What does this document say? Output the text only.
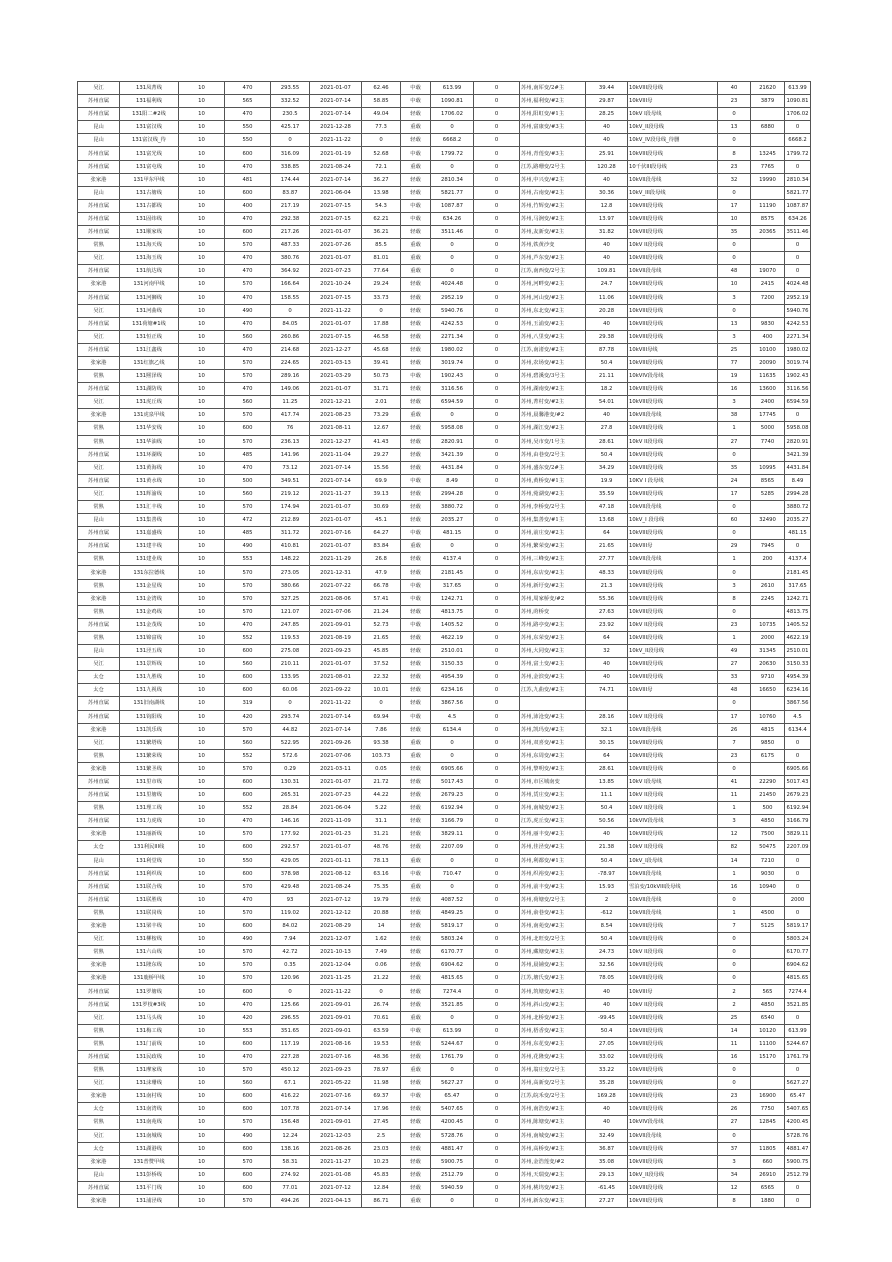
吴江	131凤菁线	10	470	293.55	2021-01-07	62.46	中载	613.99	0	苏州,南厍变/2#主	39.44	10kVIII段母线	40	21620	613.99
苏州直属	131福利线	10	565	332.52	2021-07-14	58.85	中载	1090.81	0	苏州,福利变/#2主	29.87	10kVIII母	23	3879	1090.81
苏州直属	131阳二#2线	10	470	230.5	2021-07-14	49.04	轻载	1706.02	0	苏州,阳虹变/#1主	28.25	10kV I段母线	0		1706.02
昆山	131富汉线	10	550	425.17	2021-12-28	77.3	重载	0	0	苏州,富康变/#3主	40	10kV_II段母线	13	6880	0
昆山	131富汉线_待	10	550	0	2021-11-22	0	轻载	6668.2	0		40	10kV_IV段母线_待删	0		6668.2
苏州直属	131富光线	10	600	316.09	2021-01-19	52.68	中载	1799.72	0	苏州,青莲变/#3主	25.91	10kVIII段母线	8	13245	1799.72
苏州直属	131富屯线	10	470	338.85	2021-08-24	72.1	重载	0	0	江苏,路珊变/2号主	120.28	10千伏III段母线	23	7765	0
张家港	131甲东甲线	10	481	174.44	2021-07-14	36.27	轻载	2810.34	0	苏州,中兴变/#2主	40	10kVII段母线	32	19990	2810.34
昆山	131古塘线	10	600	83.87	2021-06-04	13.98	轻载	5821.77	0	苏州,古南变/#2主	30.36	10kV_III段母线	0		5821.77
苏州直属	131古都线	10	400	217.19	2021-07-15	54.3	中载	1087.87	0	苏州,竹辉变/#2主	12.8	10kVIII段母线	17	11190	1087.87
苏州直属	131固纬线	10	470	292.38	2021-07-15	62.21	中载	634.26	0	苏州,马涧变/#2主	13.97	10kVIII段母线	10	8575	634.26
苏州直属	131顺家线	10	600	217.26	2021-01-07	36.21	轻载	3511.46	0	苏州,友新变/#2主	31.82	10kVIII段母线	35	20365	3511.46
常熟	131海天线	10	570	487.33	2021-07-26	85.5	重载	0	0	苏州,铁黄沙变	40	10kV II段母线	0		0
吴江	131海玉线	10	470	380.76	2021-01-07	81.01	重载	0	0	苏州,芦东变/#2主	40	10kVIII段母线	0		0
苏州直属	131航达线	10	470	364.92	2021-07-23	77.64	重载	0	0	江苏,南西变/2号主	109.81	10kVII段母线	48	19070	0
张家港	131河南甲线	10	570	166.64	2021-10-24	29.24	轻载	4024.48	0	苏州,河畔变/#2主	24.7	10kVIII段母线	10	2415	4024.48
苏州直属	131河狮线	10	470	158.55	2021-07-15	33.73	轻载	2952.19	0	苏州,河山变/#2主	11.06	10kVIII段母线	3	7200	2952.19
吴江	131河曲线	10	490	0	2021-11-22	0	轻载	5940.76	0	苏州,东北变/#2主	20.28	10kVIII段母线	0		5940.76
苏州直属	131荷塘#1线	10	470	84.05	2021-01-07	17.88	轻载	4242.53	0	苏州,玉浦变/#2主	40	10kVIII段母线	13	9830	4242.53
吴江	131恒正线	10	560	260.86	2021-07-15	46.58	轻载	2271.34	0	苏州,八里变/#2主	29.38	10kVIII段母线	3	400	2271.34
苏州直属	131江鑫线	10	470	214.68	2021-12-27	45.68	轻载	1980.02	0	江苏,南渚变/#2主	87.78	10kVIII母线	25	10100	1980.02
张家港	131红旗乙线	10	570	224.65	2021-03-13	39.41	轻载	3019.74	0	苏州,农场变/#2主	50.4	10kVIII段母线	77	20090	3019.74
常熟	131熙泽线	10	570	289.16	2021-03-29	50.73	中载	1902.43	0	苏州,碧溪变/3号主	21.11	10kVIV段母线	19	11635	1902.43
苏州直属	131湖防线	10	470	149.06	2021-01-07	31.71	轻载	3116.56	0	苏州,湖南变/#2主	18.2	10kVIII段母线	16	13600	3116.56
吴江	131虎丘线	10	560	11.25	2021-12-21	2.01	轻载	6594.59	0	苏州,菁村变/#2主	54.01	10kVIII段母线	3	2400	6594.59
张家港	131虎泉甲线	10	570	417.74	2021-08-23	73.29	重载	0	0	苏州,晨馨港变/#2	40	10kVII段母线	38	17745	0
常熟	131华安线	10	600	76	2021-08-11	12.67	轻载	5958.08	0	苏州,湖江变/#2主	27.8	10kVIII段母线	1	5000	5958.08
常熟	131华油线	10	570	236.13	2021-12-27	41.43	轻载	2820.91	0	苏州,吴市变/1号主	28.61	10kV II段母线	27	7740	2820.91
苏州直属	131环湖线	10	485	141.96	2021-11-04	29.27	轻载	3421.39	0	苏州,由巷变/2号主	50.4	10kVIII段母线	0		3421.39
吴江	131黄海线	10	470	73.12	2021-07-14	15.56	轻载	4431.84	0	苏州,盛东变/2#主	34.29	10kVIII段母线	35	10995	4431.84
苏州直属	131黄水线	10	500	349.51	2021-07-14	69.9	中载	8.49	0	苏州,黄桥变/#1主	19.9	10KV I 段母线	24	8565	8.49
吴江	131辉渝线	10	560	219.12	2021-11-27	39.13	轻载	2994.28	0	苏州,菀湖变/#2主	35.59	10kVIII段母线	17	5285	2994.28
常熟	131汇丰线	10	570	174.94	2021-01-07	30.69	轻载	3880.72	0	苏州,李桥变/2号主	47.18	10kVII段母线	0		3880.72
昆山	131集善线	10	472	212.89	2021-01-07	45.1	轻载	2035.27	0	苏州,集善变/#1主	13.68	10kV_I 段母线	60	32490	2035.27
苏州直属	131嘉盛线	10	485	311.72	2021-07-16	64.27	中载	481.15	0	苏州,前庄变/#2主	64	10kVIII段母线	0		481.15
苏州直属	131建丰线	10	490	410.81	2021-01-07	83.84	重载	0	0	苏州,繁荣变/#2主	21.65	10kVIII母	29	7945	0
常熟	131建业线	10	553	148.22	2021-11-29	26.8	轻载	4137.4	0	苏州,三峰变/#2主	27.77	10kVII段母线	1	200	4137.4
张家港	131东拉德线	10	570	273.05	2021-12-31	47.9	轻载	2181.45	0	苏州,东店变/#2主	48.33	10kVIII段母线	0		2181.45
常熟	131金星线	10	570	380.66	2021-07-22	66.78	中载	317.65	0	苏州,新圩变/#2主	21.3	10kVIII段母线	3	2610	317.65
张家港	131金湾线	10	570	327.25	2021-08-06	57.41	中载	1242.71	0	苏州,周家桥变/#2	55.36	10kVIII段母线	8	2245	1242.71
常熟	131金鸡线	10	570	121.07	2021-07-06	21.24	轻载	4813.75	0	苏州,莳桥变	27.63	10kVIII段母线	0		4813.75
苏州直属	131金茂线	10	470	247.85	2021-09-01	52.73	中载	1405.52	0	苏州,路亭变/#2主	23.92	10kV II段母线	23	10735	1405.52
常熟	131锦富线	10	552	119.53	2021-08-19	21.65	轻载	4622.19	0	苏州,东荣变/#2主	64	10kVIII段母线	1	2000	4622.19
昆山	131泾五线	10	600	275.08	2021-09-23	45.85	轻载	2510.01	0	苏州,大同变/#2主	32	10kV_II段母线	49	31345	2510.01
吴江	131景辉线	10	560	210.11	2021-01-07	37.52	轻载	3150.33	0	苏州,富土变/#2主	40	10kVIII段母线	27	20630	3150.33
太仓	131九胜线	10	600	133.95	2021-08-01	22.32	轻载	4954.39	0	苏州,金滨变/#2主	40	10kVIII段母线	33	9710	4954.39
太仓	131九视线	10	600	60.06	2021-09-22	10.01	轻载	6234.16	0	江苏,九曲变/#2主	74.71	10kVIII母	48	16650	6234.16
苏州直属	131旧南湖线	10	319	0	2021-11-22	0	轻载	3867.56	0				0		3867.56
苏州直属	131钩阳线	10	420	293.74	2021-07-14	69.94	中载	4.5	0	苏州,沛沧变/#2主	28.16	10kV II段母线	17	10760	4.5
张家港	131凯乐线	10	570	44.82	2021-07-14	7.86	轻载	6134.4	0	苏州,凯玛变/#2主	32.1	10kVII段母线	26	4815	6134.4
吴江	131繁塔线	10	560	522.95	2021-09-26	93.38	重载	0	0	苏州,双喜变/#2主	30.15	10kVIII段母线	7	9850	0
常熟	131繁荣线	10	552	572.6	2021-07-06	103.73	重载	0	0	苏州,东周变/#2主	64	10kVIII段母线	23	6175	0
张家港	131繁圣线	10	570	0.29	2021-03-11	0.05	轻载	6905.66	0	苏州,黎明变/#2主	28.61	10kVIII段母线	0		6905.66
苏州直属	131里市线	10	600	130.31	2021-01-07	21.72	轻载	5017.43	0	苏州,市区城南变	13.85	10kV I段母线	41	22290	5017.43
苏州直属	131里塘线	10	600	265.31	2021-07-23	44.22	轻载	2679.23	0	苏州,赁庄变/#2主	11.1	10kV II段母线	11	21450	2679.23
常熟	131理工线	10	552	28.84	2021-06-04	5.22	轻载	6192.94	0	苏州,南城变/#2主	50.4	10kV II段母线	1	500	6192.94
苏州直属	131力虎线	10	470	146.16	2021-11-09	31.1	轻载	3166.79	0	江苏,虎丘变/#2主	50.56	10kVIV段母线	3	4850	3166.79
张家港	131丽新线	10	570	177.92	2021-01-23	31.21	轻载	3829.11	0	苏州,丽丰变/#2主	40	10kVIII段母线	12	7500	3829.11
太仓	131利民III线	10	600	292.57	2021-01-07	48.76	轻载	2207.09	0	苏州,佳泾变/#2主	21.38	10kV II段母线	82	50475	2207.09
昆山	131利堂线	10	550	429.05	2021-01-11	78.13	重载	0	0	苏州,利都变/#1主	50.4	10kV_I段母线	14	7210	0
苏州直属	131利织线	10	600	378.98	2021-08-12	63.16	中载	710.47	0	苏州,织裕变/#2主	-78.97	10kVII段母线	1	9030	0
苏州直属	131联合线	10	570	429.48	2021-08-24	75.35	重载	0	0	苏州,前丰变/#2主	15.93	雪泊变/10kVIII段母线	16	10940	0
苏州直属	131联胜线	10	470	93	2021-07-12	19.79	轻载	4087.52	0	苏州,荷塘变/2号主	2	10kVII段母线	0		2000
常熟	131联岗线	10	570	119.02	2021-12-12	20.88	轻载	4849.25	0	苏州,俞巷变/#2主	-612	10kVII段母线	1	4500	0
张家港	131梁丰线	10	600	84.02	2021-08-29	14	轻载	5819.17	0	苏州,南苑变/#2主	8.54	10kVIII段母线	7	5125	5819.17
吴江	131柳桉线	10	490	7.94	2021-12-07	1.62	轻载	5803.24	0	苏州,北旺变/2号主	50.4	10kVIII段母线	0		5803.24
常熟	131六山线	10	570	42.72	2021-10-13	7.49	轻载	6170.77	0	苏州,藏塘变/#2主	24.73	10kV II段母线	0		6170.77
张家港	131隆东线	10	570	0.35	2021-12-04	0.06	轻载	6904.62	0	苏州,晨铺变/#2主	32.56	10kVIII段母线	0		6904.62
张家港	131鹿桥甲线	10	570	120.96	2021-11-25	21.22	轻载	4815.65	0	江苏,塘氏变/#2主	78.05	10kVIII段母线	0		4815.65
苏州直属	131罗塘线	10	600	0	2021-11-22	0	轻载	7274.4	0	苏州,筑塘变/#2主	40	10kVIII母	2	565	7274.4
苏州直属	131罗枝#3线	10	470	125.66	2021-09-01	26.74	轻载	3521.85	0	苏州,斜山变/#2主	40	10kV II段母线	2	4850	3521.85
吴江	131马头线	10	420	296.55	2021-09-01	70.61	重载	0	0	苏州,北桥变/#2主	-99.45	10kVIII段母线	25	6540	0
常熟	131梅工线	10	553	351.65	2021-09-01	63.59	中载	613.99	0	苏州,梧香变/#2主	50.4	10kVIII段母线	14	10120	613.99
常熟	131门前线	10	600	117.19	2021-08-16	19.53	轻载	5244.67	0	苏州,东花变/#2主	27.05	10kVIII段母线	11	11100	5244.67
苏州直属	131民政线	10	470	227.28	2021-07-16	48.36	轻载	1761.79	0	苏州,花隆变/#2主	33.02	10kVIII段母线	16	15170	1761.79
常熟	131摩家线	10	570	450.12	2021-09-23	78.97	重载	0	0	苏州,翁庄变/2号主	33.22	10kVIII段母线	0		0
吴江	131沫珊线	10	560	67.1	2021-05-22	11.98	轻载	5627.27	0	苏州,高新变/2号主	35.28	10kVIII段母线	0		5627.27
张家港	131南村线	10	600	416.22	2021-07-16	69.37	中载	65.47	0	江苏,皖禾变/2号主	169.28	10kVIII段母线	23	16900	65.47
太仓	131南湾线	10	600	107.78	2021-07-14	17.96	轻载	5407.65	0	苏州,南浩变/#2主	40	10kVIII段母线	26	7750	5407.65
常熟	131南苑线	10	570	156.48	2021-09-01	27.45	轻载	4200.45	0	苏州,陈塘变/#2主	40	10kVIV段母线	27	12845	4200.45
吴江	131南城线	10	490	12.24	2021-12-03	2.5	轻载	5728.76	0	苏州,南城变/#2主	32.49	10kVII段母线	0		5728.76
太仓	131湖港线	10	600	138.16	2021-08-26	23.03	轻载	4881.47	0	苏州,高桥变/#2主	36.87	10kVIII段母线	37	11805	4881.47
张家港	131普赞甲线	10	570	58.31	2021-11-27	10.23	轻载	5900.75	0	苏州,金浩莲变/#2	35.08	10kVIII段母线	3	660	5900.75
昆山	131彭桥线	10	600	274.92	2021-01-08	45.83	轻载	2512.79	0	苏州,天瑞变/#2主	29.13	10kV_II段母线	34	26910	2512.79
苏州直属	131平门线	10	600	77.01	2021-07-12	12.84	轻载	5940.59	0	苏州,桃坞变/#2主	-61.45	10kVIII段母线	12	6565	0
张家港	131浦泾线	10	570	494.26	2021-04-13	86.71	重载	0	0	苏州,新东变/#2主	27.27	10kVIII段母线	8	1880	0
